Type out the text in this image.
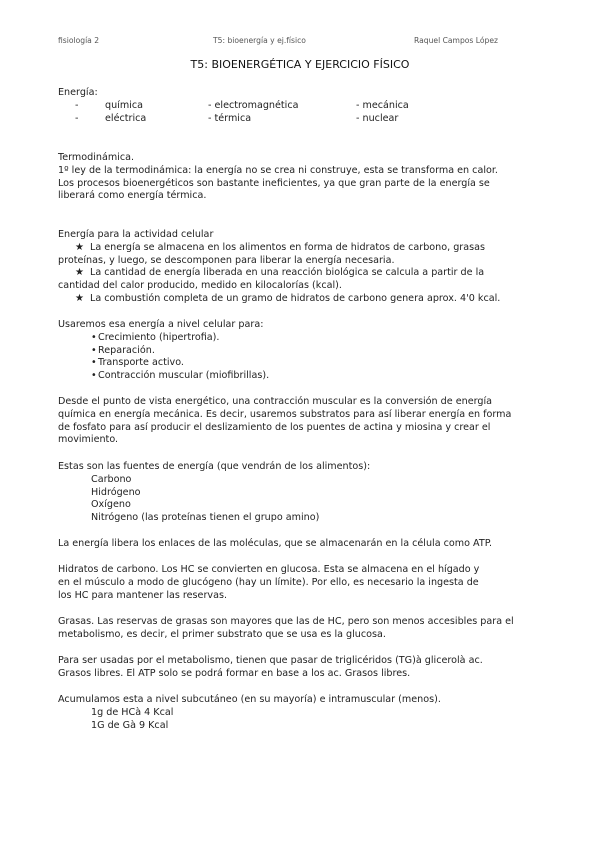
fisiología 2	T5: bioenergía y ej.físico	Raquel Campos López
T5: BIOENERGÉTICA Y EJERCICIO FÍSICO

Energía:

-	química	- electromagnética	- mecánica
-	eléctrica	- térmica	- nuclear

Termodinámica.

1º ley de la termodinámica: la energía no se crea ni construye, esta se transforma en calor.

Los procesos bioenergéticos son bastante ineficientes, ya que gran parte de la energía se

liberará como energía térmica.

Energía para la actividad celular

★ La energía se almacena en los alimentos en forma de hidratos de carbono, grasas

proteínas, y luego, se descomponen para liberar la energía necesaria.

★ La cantidad de energía liberada en una reacción biológica se calcula a partir de la

cantidad del calor producido, medido en kilocalorías (kcal).

★ La combustión completa de un gramo de hidratos de carbono genera aprox. 4'0 kcal.

Usaremos esa energía a nivel celular para:

•Crecimiento (hipertrofia).

•Reparación.

•Transporte activo.

•Contracción muscular (miofibrillas).

Desde el punto de vista energético, una contracción muscular es la conversión de energía

química en energía mecánica. Es decir, usaremos substratos para así liberar energía en forma

de fosfato para así producir el deslizamiento de los puentes de actina y miosina y crear el

movimiento.

Estas son las fuentes de energía (que vendrán de los alimentos):

Carbono

Hidrógeno

Oxígeno

Nitrógeno (las proteínas tienen el grupo amino)

La energía libera los enlaces de las moléculas, que se almacenarán en la célula como ATP.

Hidratos de carbono. Los HC se convierten en glucosa. Esta se almacena en el hígado y

en el músculo a modo de glucógeno (hay un límite). Por ello, es necesario la ingesta de

los HC para mantener las reservas.

Grasas. Las reservas de grasas son mayores que las de HC, pero son menos accesibles para el

metabolismo, es decir, el primer substrato que se usa es la glucosa.

Para ser usadas por el metabolismo, tienen que pasar de triglicéridos (TG)à glicerolà ac.

Grasos libres. El ATP solo se podrá formar en base a los ac. Grasos libres.

Acumulamos esta a nivel subcutáneo (en su mayoría) e intramuscular (menos).

1g de HCà 4 Kcal

1G de Gà 9 Kcal
